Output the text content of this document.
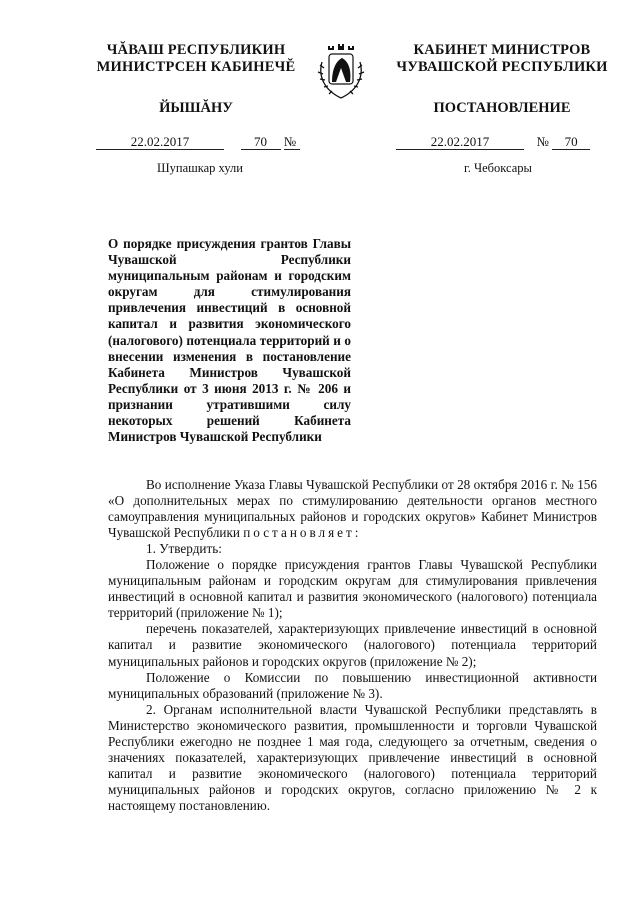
ЧĂВАШ РЕСПУБЛИКИН
МИНИСТРСЕН КАБИНЕЧĔ
ЙЫШĂНУ
КАБИНЕТ МИНИСТРОВ
ЧУВАШСКОЙ РЕСПУБЛИКИ
ПОСТАНОВЛЕНИЕ
22.02.2017	70 №	22.02.2017	№ 70
Шупашкар хули	г. Чебоксары
О порядке присуждения грантов Главы Чувашской Республики муниципальным районам и городским округам для стимулирования привлечения инвестиций в основной капитал и развития экономического (налогового) потенциала территорий и о внесении изменения в постановление Кабинета Министров Чувашской Республики от 3 июня 2013 г. № 206 и признании утратившими силу некоторых решений Кабинета Министров Чувашской Республики

Во исполнение Указа Главы Чувашской Республики от 28 октября 2016 г. № 156 «О дополнительных мерах по стимулированию деятельности органов местного самоуправления муниципальных районов и городских округов» Кабинет Министров Чувашской Республики постановляет:

1. Утвердить:

Положение о порядке присуждения грантов Главы Чувашской Республики муниципальным районам и городским округам для стимулирования привлечения инвестиций в основной капитал и развития экономического (налогового) потенциала территорий (приложение № 1);

перечень показателей, характеризующих привлечение инвестиций в основной капитал и развитие экономического (налогового) потенциала территорий муниципальных районов и городских округов (приложение № 2);

Положение о Комиссии по повышению инвестиционной активности муниципальных образований (приложение № 3).

2. Органам исполнительной власти Чувашской Республики представлять в Министерство экономического развития, промышленности и торговли Чувашской Республики ежегодно не позднее 1 мая года, следующего за отчетным, сведения о значениях показателей, характеризующих привлечение инвестиций в основной капитал и развитие экономического (налогового) потенциала территорий муниципальных районов и городских округов, согласно приложению № 2 к настоящему постановлению.
